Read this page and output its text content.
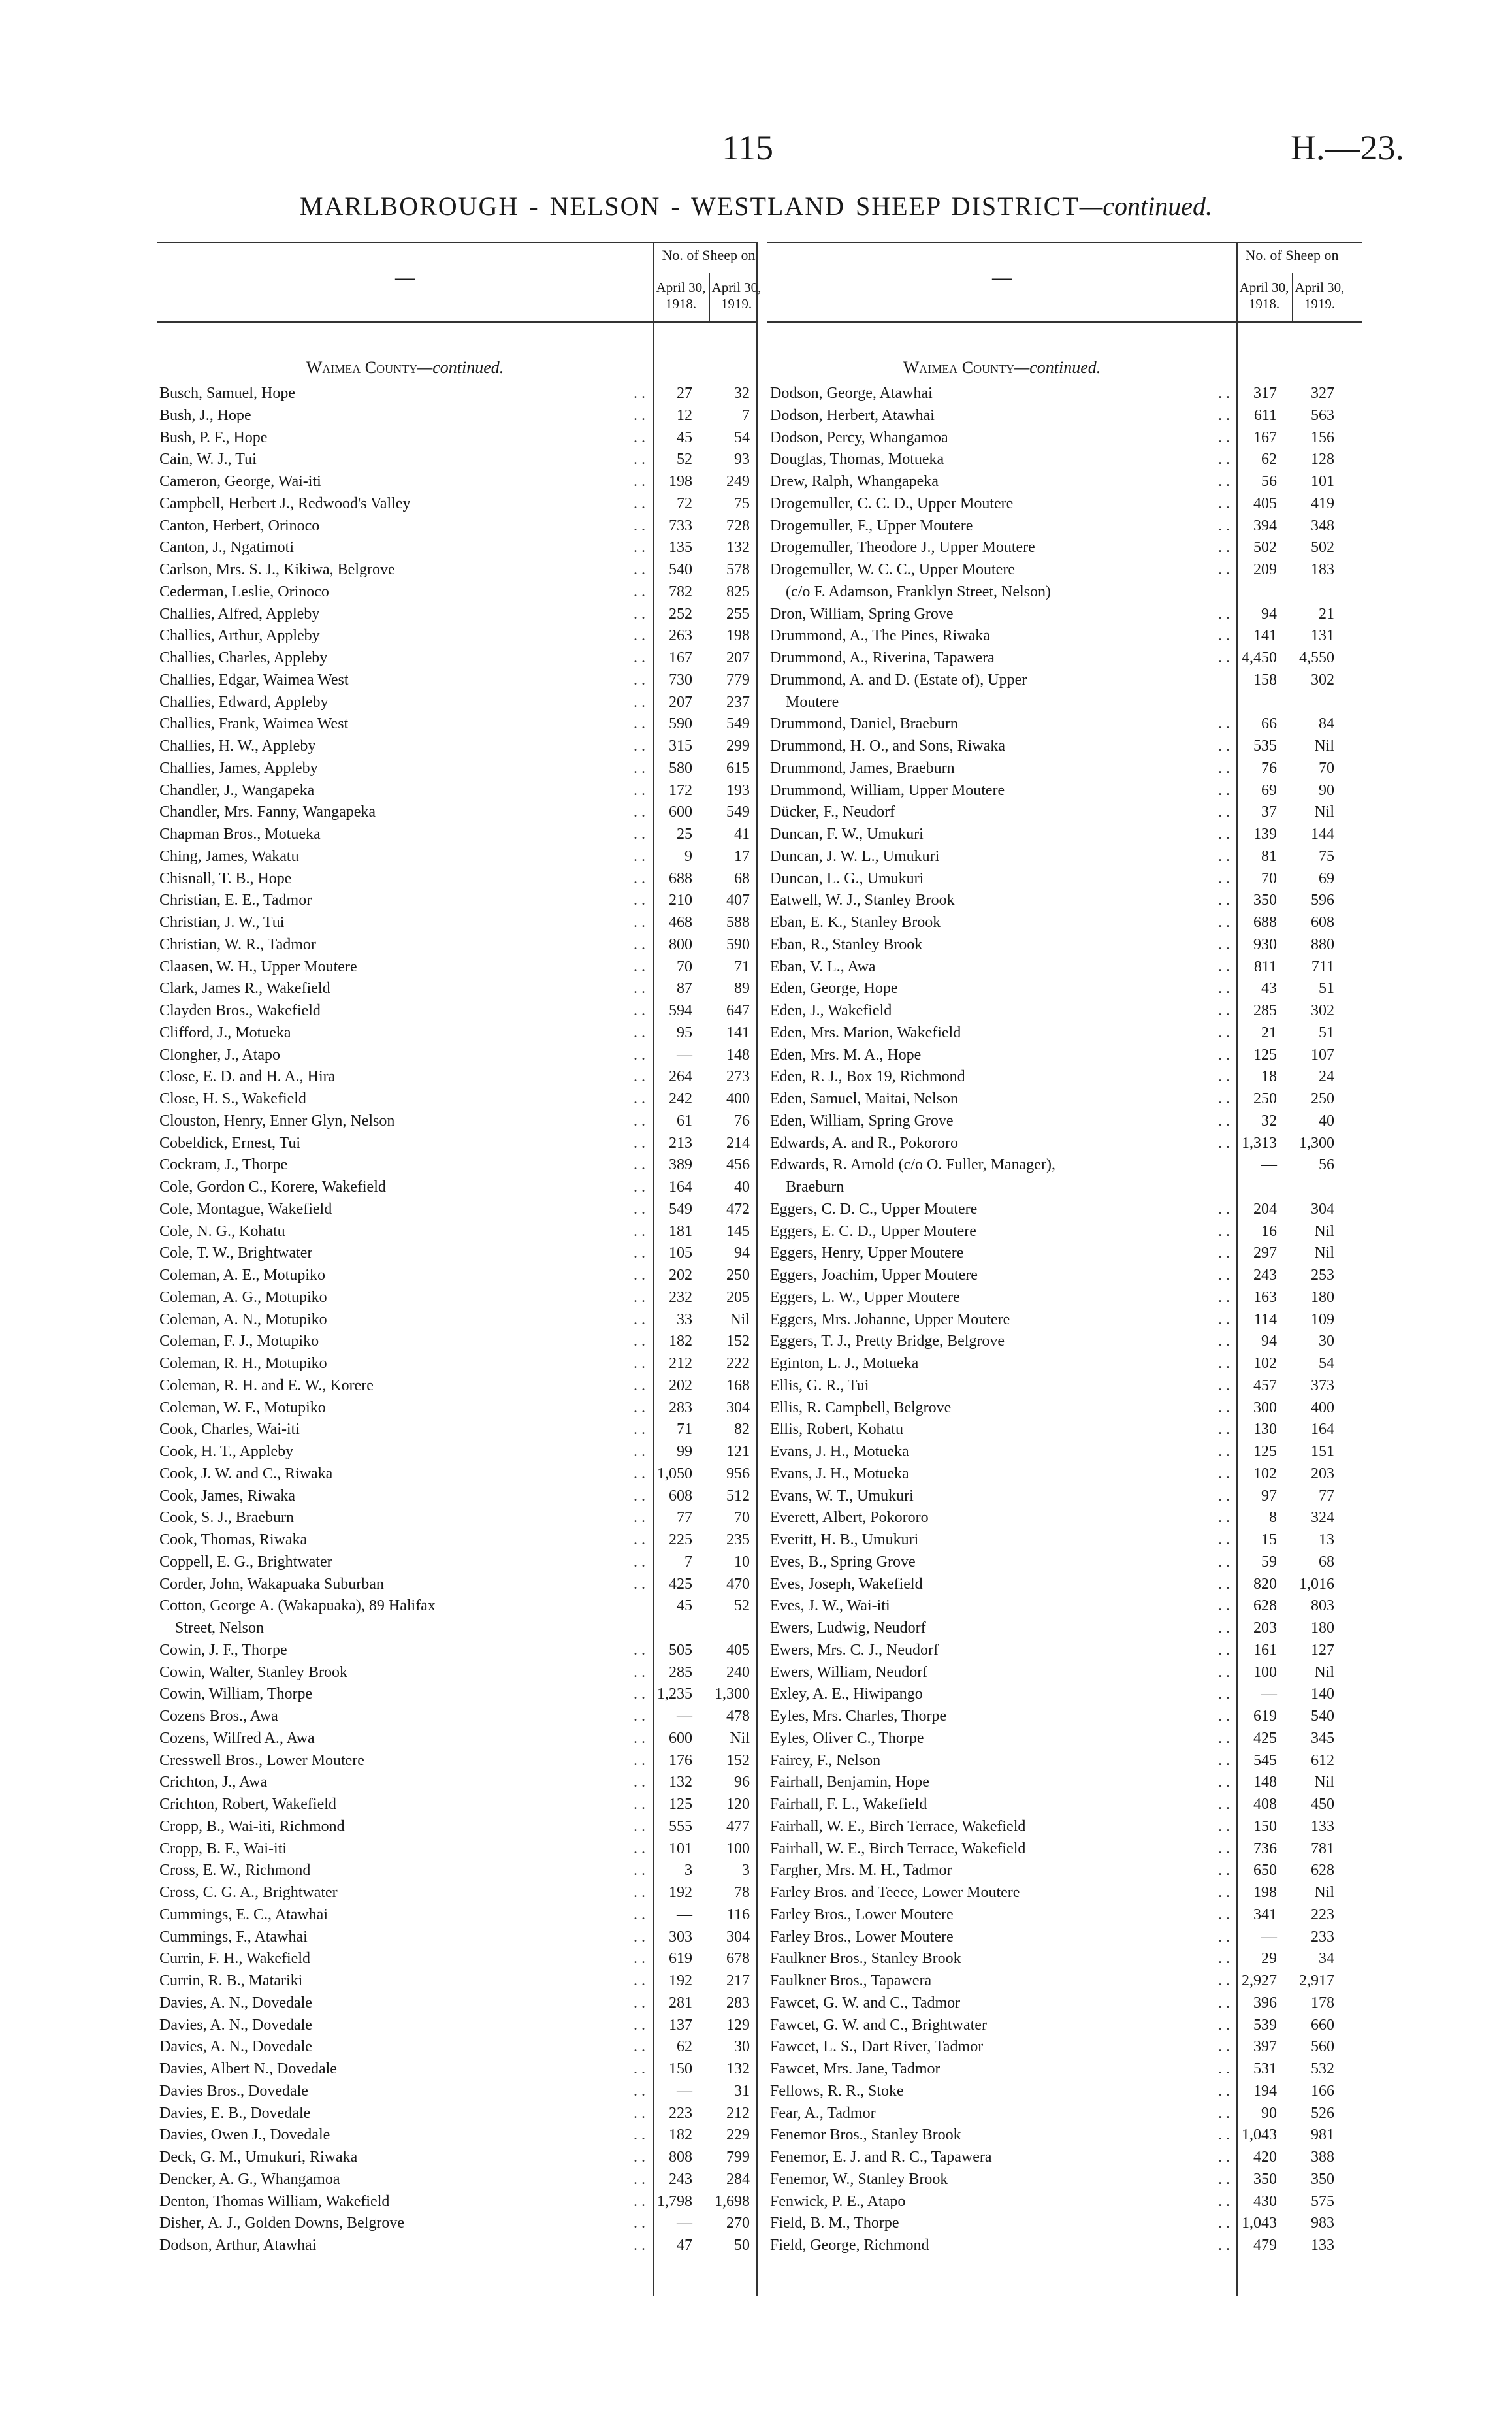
115	H.—23.
MARLBOROUGH - NELSON - WESTLAND SHEEP DISTRICT—continued.
—
No. of Sheep on
April 30, 1918.
April 30, 1919.
Waimea County—continued.
Busch, Samuel, Hope	..	27	32
Bush, J., Hope	..	12	7
Bush, P. F., Hope	..	45	54
Cain, W. J., Tui	..	52	93
Cameron, George, Wai-iti	..	198	249
Campbell, Herbert J., Redwood's Valley	..	72	75
Canton, Herbert, Orinoco	..	733	728
Canton, J., Ngatimoti	..	135	132
Carlson, Mrs. S. J., Kikiwa, Belgrove	..	540	578
Cederman, Leslie, Orinoco	..	782	825
Challies, Alfred, Appleby	..	252	255
Challies, Arthur, Appleby	..	263	198
Challies, Charles, Appleby	..	167	207
Challies, Edgar, Waimea West	..	730	779
Challies, Edward, Appleby	..	207	237
Challies, Frank, Waimea West	..	590	549
Challies, H. W., Appleby	..	315	299
Challies, James, Appleby	..	580	615
Chandler, J., Wangapeka	..	172	193
Chandler, Mrs. Fanny, Wangapeka	..	600	549
Chapman Bros., Motueka	..	25	41
Ching, James, Wakatu	..	9	17
Chisnall, T. B., Hope	..	688	68
Christian, E. E., Tadmor	..	210	407
Christian, J. W., Tui	..	468	588
Christian, W. R., Tadmor	..	800	590
Claasen, W. H., Upper Moutere	..	70	71
Clark, James R., Wakefield	..	87	89
Clayden Bros., Wakefield	..	594	647
Clifford, J., Motueka	..	95	141
Clongher, J., Atapo	..	—	148
Close, E. D. and H. A., Hira	..	264	273
Close, H. S., Wakefield	..	242	400
Clouston, Henry, Enner Glyn, Nelson	..	61	76
Cobeldick, Ernest, Tui	..	213	214
Cockram, J., Thorpe	..	389	456
Cole, Gordon C., Korere, Wakefield	..	164	40
Cole, Montague, Wakefield	..	549	472
Cole, N. G., Kohatu	..	181	145
Cole, T. W., Brightwater	..	105	94
Coleman, A. E., Motupiko	..	202	250
Coleman, A. G., Motupiko	..	232	205
Coleman, A. N., Motupiko	..	33	Nil
Coleman, F. J., Motupiko	..	182	152
Coleman, R. H., Motupiko	..	212	222
Coleman, R. H. and E. W., Korere	..	202	168
Coleman, W. F., Motupiko	..	283	304
Cook, Charles, Wai-iti	..	71	82
Cook, H. T., Appleby	..	99	121
Cook, J. W. and C., Riwaka	.. 1,050	956
Cook, James, Riwaka	..	608	512
Cook, S. J., Braeburn	..	77	70
Cook, Thomas, Riwaka	..	225	235
Coppell, E. G., Brightwater	..	7	10
Corder, John, Wakapuaka Suburban	..	425	470
Cotton, George A. (Wakapuaka), 89 Halifax
Street, Nelson
45	52
Cowin, J. F., Thorpe	..	505	405
Cowin, Walter, Stanley Brook	..	285	240
Cowin, William, Thorpe	.. 1,235	1,300
Cozens Bros., Awa	..	—	478
Cozens, Wilfred A., Awa	..	600	Nil
Cresswell Bros., Lower Moutere	..	176	152
Crichton, J., Awa	..	132	96
Crichton, Robert, Wakefield	..	125	120
Cropp, B., Wai-iti, Richmond	..	555	477
Cropp, B. F., Wai-iti	..	101	100
Cross, E. W., Richmond	..	3	3
Cross, C. G. A., Brightwater	..	192	78
Cummings, E. C., Atawhai	..	—	116
Cummings, F., Atawhai	..	303	304
Currin, F. H., Wakefield	..	619	678
Currin, R. B., Matariki	..	192	217
Davies, A. N., Dovedale	..	281	283
Davies, A. N., Dovedale	..	137	129
Davies, A. N., Dovedale	..	62	30
Davies, Albert N., Dovedale	..	150	132
Davies Bros., Dovedale	..	—	31
Davies, E. B., Dovedale	..	223	212
Davies, Owen J., Dovedale	..	182	229
Deck, G. M., Umukuri, Riwaka	..	808	799
Dencker, A. G., Whangamoa	..	243	284
Denton, Thomas William, Wakefield	.. 1,798	1,698
Disher, A. J., Golden Downs, Belgrove	..	—	270
Dodson, Arthur, Atawhai	..	47	50
—
No. of Sheep on
April 30, 1918.
April 30, 1919.
Waimea County—continued.
Dodson, George, Atawhai	..	317	327
Dodson, Herbert, Atawhai	..	611	563
Dodson, Percy, Whangamoa	..	167	156
Douglas, Thomas, Motueka	..	62	128
Drew, Ralph, Whangapeka	..	56	101
Drogemuller, C. C. D., Upper Moutere	..	405	419
Drogemuller, F., Upper Moutere	..	394	348
Drogemuller, Theodore J., Upper Moutere	..	502	502
Drogemuller, W. C. C., Upper Moutere
(c/o F. Adamson, Franklyn Street, Nelson)
..	209	183
Dron, William, Spring Grove	..	94	21
Drummond, A., The Pines, Riwaka	..	141	131
Drummond, A., Riverina, Tapawera	.. 4,450	4,550
Drummond, A. and D. (Estate of), Upper
Moutere
158	302
Drummond, Daniel, Braeburn	..	66	84
Drummond, H. O., and Sons, Riwaka	..	535	Nil
Drummond, James, Braeburn	..	76	70
Drummond, William, Upper Moutere	..	69	90
Dücker, F., Neudorf	..	37	Nil
Duncan, F. W., Umukuri	..	139	144
Duncan, J. W. L., Umukuri	..	81	75
Duncan, L. G., Umukuri	..	70	69
Eatwell, W. J., Stanley Brook	..	350	596
Eban, E. K., Stanley Brook	..	688	608
Eban, R., Stanley Brook	..	930	880
Eban, V. L., Awa	..	811	711
Eden, George, Hope	..	43	51
Eden, J., Wakefield	..	285	302
Eden, Mrs. Marion, Wakefield	..	21	51
Eden, Mrs. M. A., Hope	..	125	107
Eden, R. J., Box 19, Richmond	..	18	24
Eden, Samuel, Maitai, Nelson	..	250	250
Eden, William, Spring Grove	..	32	40
Edwards, A. and R., Pokororo	.. 1,313	1,300
Edwards, R. Arnold (c/o O. Fuller, Manager),
Braeburn
—	56
Eggers, C. D. C., Upper Moutere	..	204	304
Eggers, E. C. D., Upper Moutere	..	16	Nil
Eggers, Henry, Upper Moutere	..	297	Nil
Eggers, Joachim, Upper Moutere	..	243	253
Eggers, L. W., Upper Moutere	..	163	180
Eggers, Mrs. Johanne, Upper Moutere	..	114	109
Eggers, T. J., Pretty Bridge, Belgrove	..	94	30
Eginton, L. J., Motueka	..	102	54
Ellis, G. R., Tui	..	457	373
Ellis, R. Campbell, Belgrove	..	300	400
Ellis, Robert, Kohatu	..	130	164
Evans, J. H., Motueka	..	125	151
Evans, J. H., Motueka	..	102	203
Evans, W. T., Umukuri	..	97	77
Everett, Albert, Pokororo	..	8	324
Everitt, H. B., Umukuri	..	15	13
Eves, B., Spring Grove	..	59	68
Eves, Joseph, Wakefield	..	820	1,016
Eves, J. W., Wai-iti	..	628	803
Ewers, Ludwig, Neudorf	..	203	180
Ewers, Mrs. C. J., Neudorf	..	161	127
Ewers, William, Neudorf	..	100	Nil
Exley, A. E., Hiwipango	..	—	140
Eyles, Mrs. Charles, Thorpe	..	619	540
Eyles, Oliver C., Thorpe	..	425	345
Fairey, F., Nelson	..	545	612
Fairhall, Benjamin, Hope	..	148	Nil
Fairhall, F. L., Wakefield	..	408	450
Fairhall, W. E., Birch Terrace, Wakefield	..	150	133
Fairhall, W. E., Birch Terrace, Wakefield	..	736	781
Fargher, Mrs. M. H., Tadmor	..	650	628
Farley Bros. and Teece, Lower Moutere	..	198	Nil
Farley Bros., Lower Moutere	..	341	223
Farley Bros., Lower Moutere	..	—	233
Faulkner Bros., Stanley Brook	..	29	34
Faulkner Bros., Tapawera	.. 2,927	2,917
Fawcet, G. W. and C., Tadmor	..	396	178
Fawcet, G. W. and C., Brightwater	..	539	660
Fawcet, L. S., Dart River, Tadmor	..	397	560
Fawcet, Mrs. Jane, Tadmor	..	531	532
Fellows, R. R., Stoke	..	194	166
Fear, A., Tadmor	..	90	526
Fenemor Bros., Stanley Brook	.. 1,043	981
Fenemor, E. J. and R. C., Tapawera	..	420	388
Fenemor, W., Stanley Brook	..	350	350
Fenwick, P. E., Atapo	..	430	575
Field, B. M., Thorpe	.. 1,043	983
Field, George, Richmond	..	479	133
